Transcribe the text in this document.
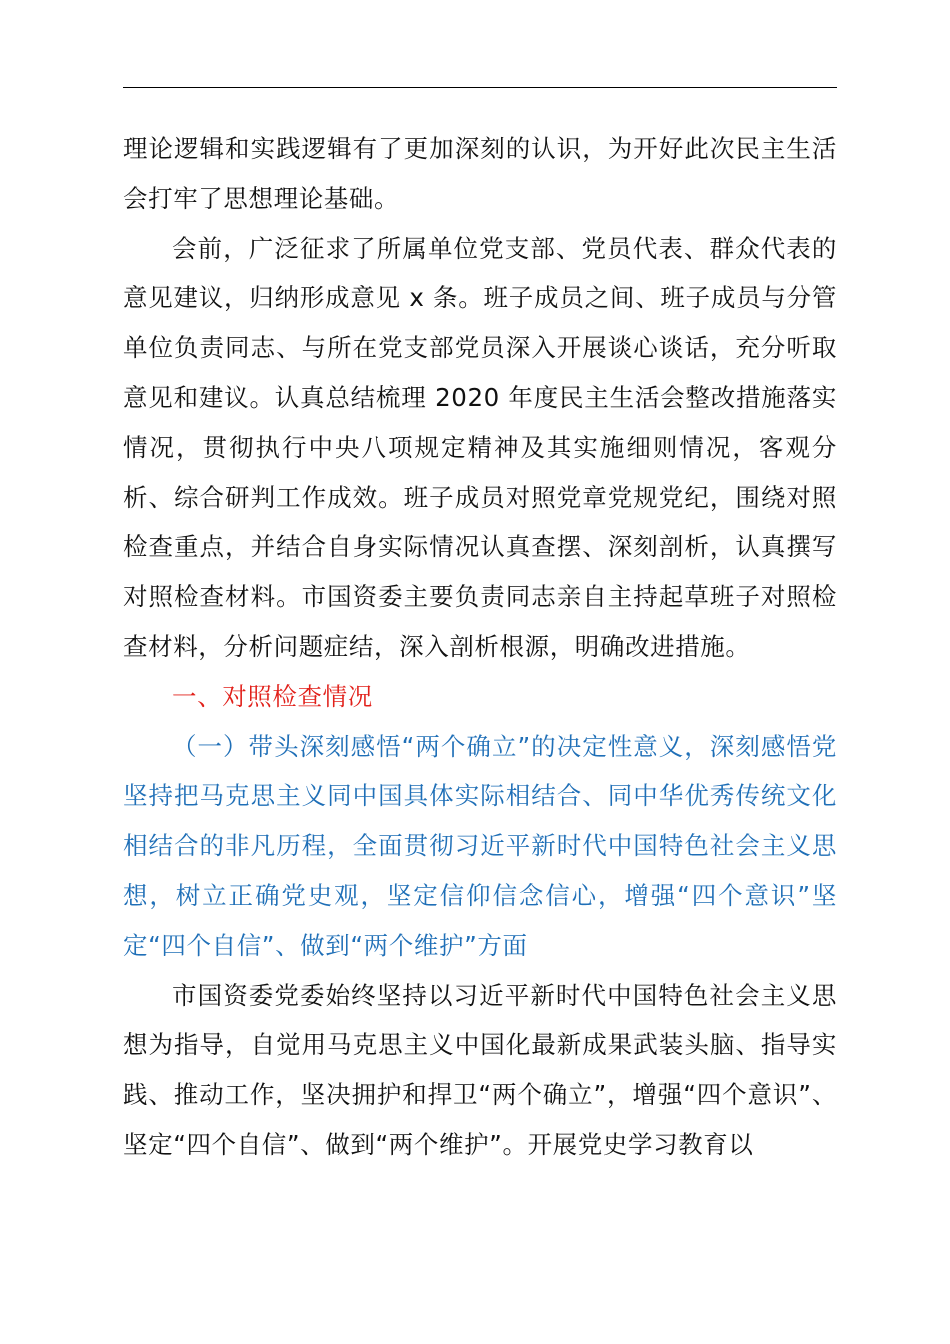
理论逻辑和实践逻辑有了更加深刻的认识，为开好此次民主生活会打牢了思想理论基础。

会前，广泛征求了所属单位党支部、党员代表、群众代表的意见建议，归纳形成意见 x 条。班子成员之间、班子成员与分管单位负责同志、与所在党支部党员深入开展谈心谈话，充分听取意见和建议。认真总结梳理 2020 年度民主生活会整改措施落实情况，贯彻执行中央八项规定精神及其实施细则情况，客观分析、综合研判工作成效。班子成员对照党章党规党纪，围绕对照检查重点，并结合自身实际情况认真查摆、深刻剖析，认真撰写对照检查材料。市国资委主要负责同志亲自主持起草班子对照检查材料，分析问题症结，深入剖析根源，明确改进措施。

一、对照检查情况

（一）带头深刻感悟“两个确立”的决定性意义，深刻感悟党坚持把马克思主义同中国具体实际相结合、同中华优秀传统文化相结合的非凡历程，全面贯彻习近平新时代中国特色社会主义思想，树立正确党史观，坚定信仰信念信心，增强“四个意识”坚定“四个自信”、做到“两个维护”方面

市国资委党委始终坚持以习近平新时代中国特色社会主义思想为指导，自觉用马克思主义中国化最新成果武装头脑、指导实践、推动工作，坚决拥护和捍卫“两个确立”，增强“四个意识”、坚定“四个自信”、做到“两个维护”。开展党史学习教育以
